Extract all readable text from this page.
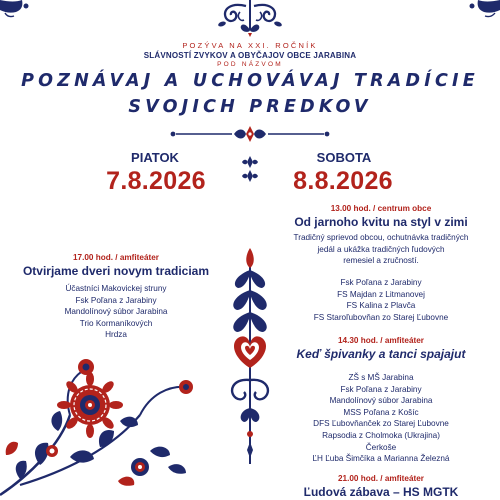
POZÝVA NA XXI. ROČNÍK
SLÁVNOSTÍ ZVYKOV A OBYČAJOV OBCE JARABINA
POD NÁZVOM
POZNÁVAJ A UCHOVÁVAJ TRADÍCIE
SVOJICH PREDKOV
PIATOK
7.8.2026
SOBOTA
8.8.2026
17.00 hod. / amfiteáter
Otvirjame dveri novym tradiciam
Účastníci Makovickej struny
Fsk Poľana z Jarabiny
Mandolínový súbor Jarabina
Trio Kormaníkových
Hrdza
13.00 hod. / centrum obce
Od jarnoho kvitu na styl v zimi
Tradičný sprievod obcou, ochutnávka tradičných
jedál a ukážka tradičných ľudových
remesiel a zručností.
Fsk Poľana z Jarabiny
FS Majdan z Litmanovej
FS Kalina z Plavča
FS Staroľubovňan zo Starej Ľubovne
14.30 hod. / amfiteáter
Keď špivanky a tanci spajajut
ZŠ s MŠ Jarabina
Fsk Poľana z Jarabiny
Mandolínový súbor Jarabina
MSS Poľana z Košíc
DFS Ľubovňanček zo Starej Ľubovne
Rapsodia z Cholmoka (Ukrajina)
Čerkoše
ĽH Ľuba Šimčíka a Marianna Železná
21.00 hod. / amfiteáter
Ľudová zábava – HS MGTK
